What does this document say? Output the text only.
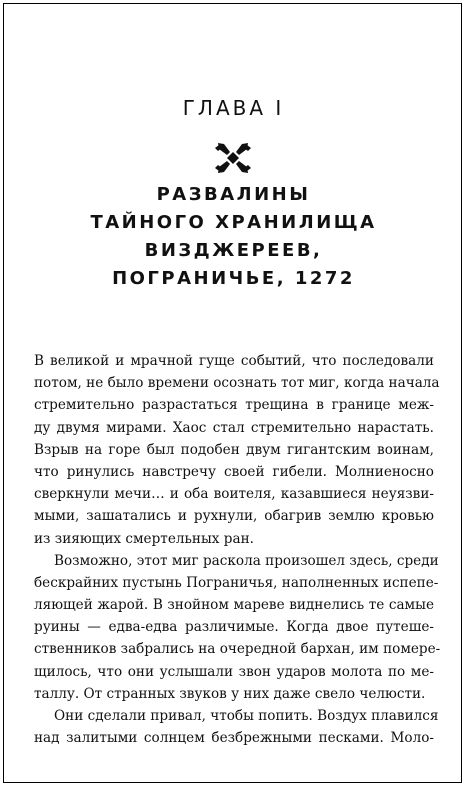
ГЛАВА I
РАЗВАЛИНЫ
ТАЙНОГО ХРАНИЛИЩА
ВИЗДЖЕРЕЕВ,
ПОГРАНИЧЬЕ, 1272
В великой и мрачной гуще событий, что последовали
потом, не было времени осознать тот миг, когда начала
стремительно разрастаться трещина в границе меж-
ду двумя мирами. Хаос стал стремительно нарастать.
Взрыв на горе был подобен двум гигантским воинам,
что ринулись навстречу своей гибели. Молниеносно
сверкнули мечи… и оба воителя, казавшиеся неуязви-
мыми, зашатались и рухнули, обагрив землю кровью
из зияющих смертельных ран.
Возможно, этот миг раскола произошел здесь, среди
бескрайних пустынь Пограничья, наполненных испепе-
ляющей жарой. В знойном мареве виднелись те самые
руины — едва-едва различимые. Когда двое путеше-
ственников забрались на очередной бархан, им помере-
щилось, что они услышали звон ударов молота по ме-
таллу. От странных звуков у них даже свело челюсти.
Они сделали привал, чтобы попить. Воздух плавился
над залитыми солнцем безбрежными песками. Моло-
